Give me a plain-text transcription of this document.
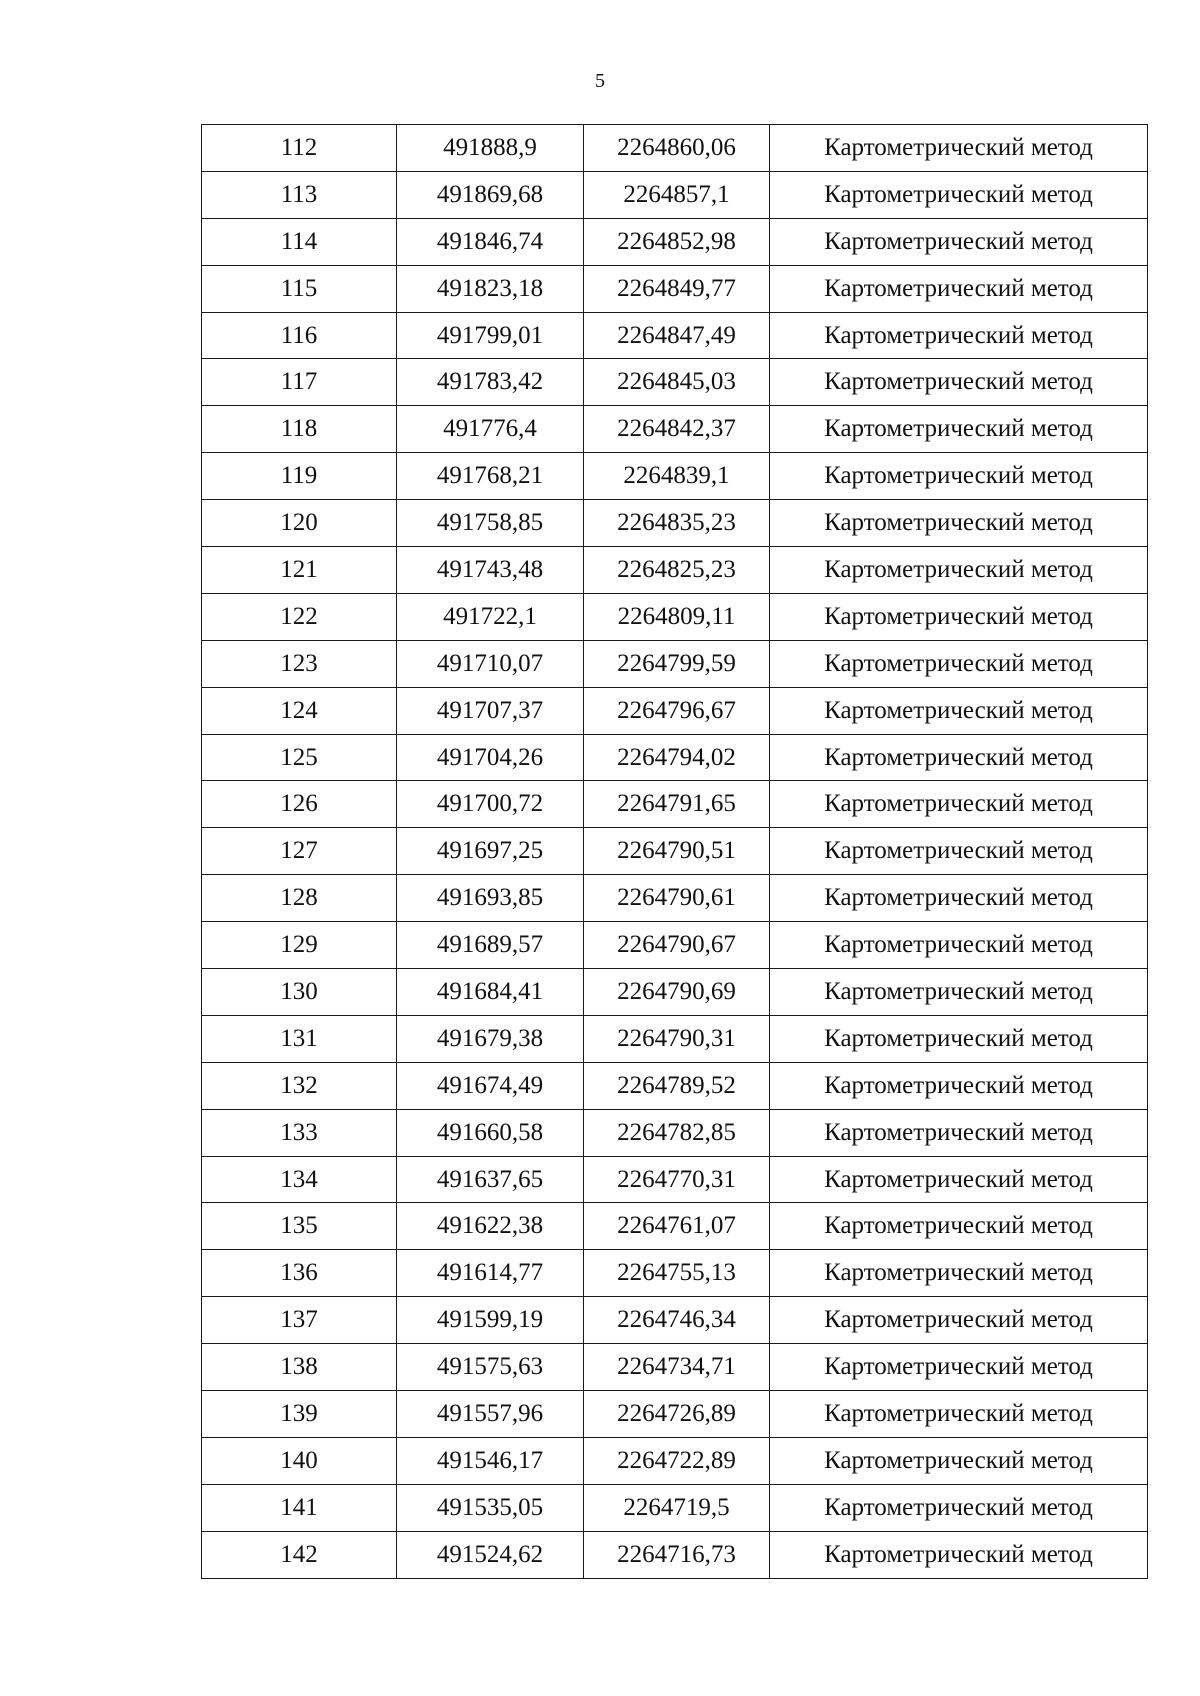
5
112	491888,9	2264860,06	Картометрический метод
113	491869,68	2264857,1	Картометрический метод
114	491846,74	2264852,98	Картометрический метод
115	491823,18	2264849,77	Картометрический метод
116	491799,01	2264847,49	Картометрический метод
117	491783,42	2264845,03	Картометрический метод
118	491776,4	2264842,37	Картометрический метод
119	491768,21	2264839,1	Картометрический метод
120	491758,85	2264835,23	Картометрический метод
121	491743,48	2264825,23	Картометрический метод
122	491722,1	2264809,11	Картометрический метод
123	491710,07	2264799,59	Картометрический метод
124	491707,37	2264796,67	Картометрический метод
125	491704,26	2264794,02	Картометрический метод
126	491700,72	2264791,65	Картометрический метод
127	491697,25	2264790,51	Картометрический метод
128	491693,85	2264790,61	Картометрический метод
129	491689,57	2264790,67	Картометрический метод
130	491684,41	2264790,69	Картометрический метод
131	491679,38	2264790,31	Картометрический метод
132	491674,49	2264789,52	Картометрический метод
133	491660,58	2264782,85	Картометрический метод
134	491637,65	2264770,31	Картометрический метод
135	491622,38	2264761,07	Картометрический метод
136	491614,77	2264755,13	Картометрический метод
137	491599,19	2264746,34	Картометрический метод
138	491575,63	2264734,71	Картометрический метод
139	491557,96	2264726,89	Картометрический метод
140	491546,17	2264722,89	Картометрический метод
141	491535,05	2264719,5	Картометрический метод
142	491524,62	2264716,73	Картометрический метод
